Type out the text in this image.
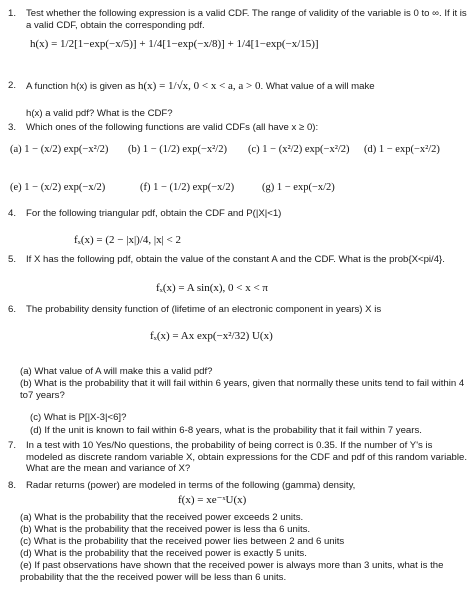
1.	Test whether the following expression is a valid CDF. The range of validity of the variable is 0 to ∞. If it is a valid CDF, obtain the corresponding pdf.
h(x) = 1/2[1−exp(−x/5)] + 1/4[1−exp(−x/8)] + 1/4[1−exp(−x/15)]
2.	A function h(x) is given as h(x) = 1/√x, 0 < x < a, a > 0. What value of a will make
h(x) a valid pdf? What is the CDF?
3.	Which ones of the following functions are valid CDFs (all have x ≥ 0):
(a) 1 − (x/2) exp(−x²/2) (b) 1 − (1/2) exp(−x²/2) (c) 1 − (x²/2) exp(−x²/2) (d) 1 − exp(−x²/2)
(e) 1 − (x/2) exp(−x/2)	(f) 1 − (1/2) exp(−x/2)	(g) 1 − exp(−x/2)
4.	For the following triangular pdf, obtain the CDF and P(|X|<1)
fₓ(x) = (2 − |x|)/4, |x| < 2
5.	If X has the following pdf, obtain the value of the constant A and the CDF. What is the prob{X<pi/4}.
fₓ(x) = A sin(x), 0 < x < π
6.	The probability density function of (lifetime of an electronic component in years) X is
fₓ(x) = Ax exp(−x²/32) U(x)
(a) What value of A will make this a valid pdf?
(b) What is the probability that it will fail within 6 years, given that normally these units tend to fail within 4 to7 years?
(c) What is P[|X-3|<6]?
(d) If the unit is known to fail within 6-8 years, what is the probability that it fail within 7 years.
7.	In a test with 10 Yes/No questions, the probability of being correct is 0.35. If the number of Y's is modeled as discrete random variable X, obtain expressions for the CDF and pdf of this random variable. What are the mean and variance of X?
8.	Radar returns (power) are modeled in terms of the following (gamma) density,
f(x) = xe⁻ˣU(x)
(a) What is the probability that the received power exceeds 2 units.
(b) What is the probability that the received power is less tha 6 units.
(c) What is the probability that the received power lies between 2 and 6 units
(d) What is the probability that the received power is exactly 5 units.
(e) If past observations have shown that the received power is always more than 3 units, what is the probability that the the received power will be less than 6 units.
